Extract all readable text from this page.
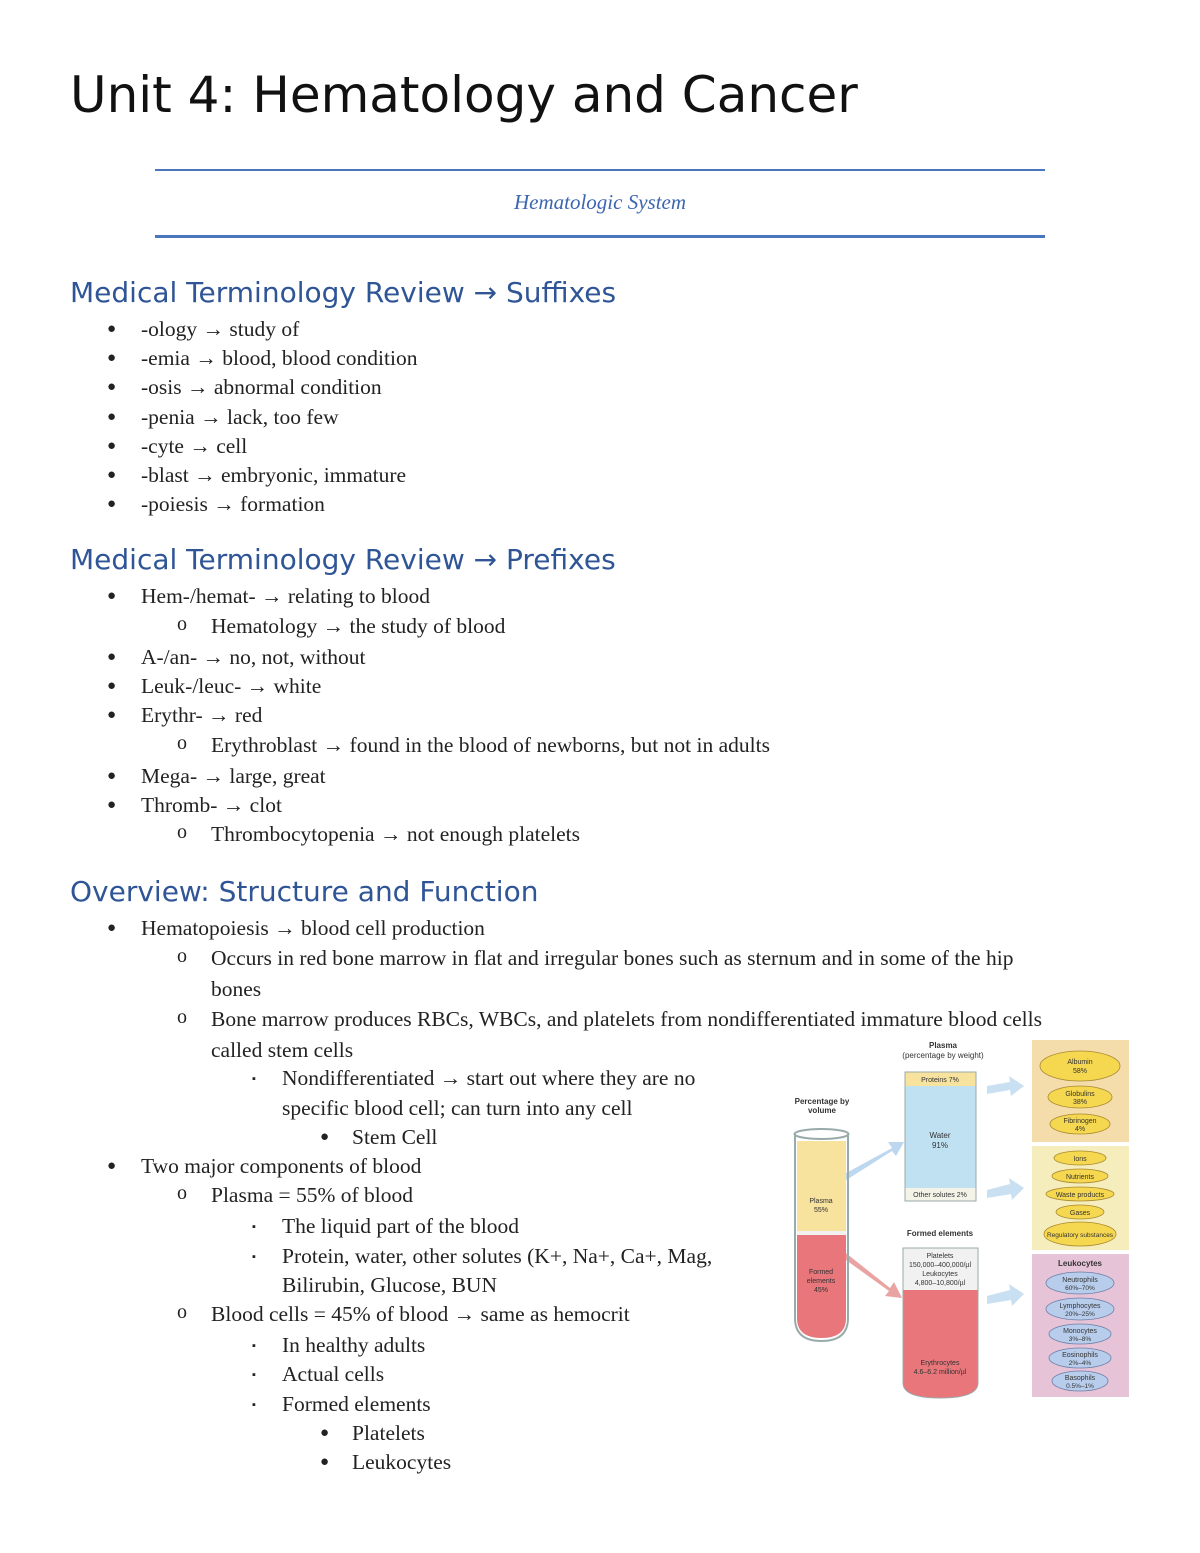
Unit 4: Hematology and Cancer
Hematologic System
Medical Terminology Review → Suffixes
● -ology → study of
● -emia → blood, blood condition
● -osis → abnormal condition
● -penia → lack, too few
● -cyte → cell
● -blast → embryonic, immature
● -poiesis → formation
Medical Terminology Review → Prefixes
● Hem-/hemat- → relating to blood
o Hematology → the study of blood
● A-/an- → no, not, without
● Leuk-/leuc- → white
● Erythr- → red
o Erythroblast → found in the blood of newborns, but not in adults
● Mega- → large, great
● Thromb- → clot
o Thrombocytopenia → not enough platelets
Overview: Structure and Function
● Hematopoiesis → blood cell production
o Occurs in red bone marrow in flat and irregular bones such as sternum and in some of the hip
bones
o Bone marrow produces RBCs, WBCs, and platelets from nondifferentiated immature blood cells
called stem cells
▪ Nondifferentiated → start out where they are no
specific blood cell; can turn into any cell
● Stem Cell
● Two major components of blood
o Plasma = 55% of blood
▪ The liquid part of the blood
▪ Protein, water, other solutes (K+, Na+, Ca+, Mag,
Bilirubin, Glucose, BUN
o Blood cells = 45% of blood → same as hemocrit
▪ In healthy adults
▪ Actual cells
▪ Formed elements
● Platelets
● Leukocytes
Percentage by
volume
Plasma
55%
Formed
elements
45%
Plasma
(percentage by weight)
Proteins 7%
Water
91%
Other solutes 2%
Formed elements
Platelets
150,000–400,000/µl
Leukocytes
4,800–10,800/µl
Erythrocytes
4.6–6.2 million/µl
Albumin
58%
Globulins
38%
Fibrinogen
4%
Ions
Nutrients
Waste products
Gases
Regulatory substances
Leukocytes
Neutrophils
60%–70%
Lymphocytes
20%–25%
Monocytes
3%–8%
Eosinophils
2%–4%
Basophils
0.5%–1%
